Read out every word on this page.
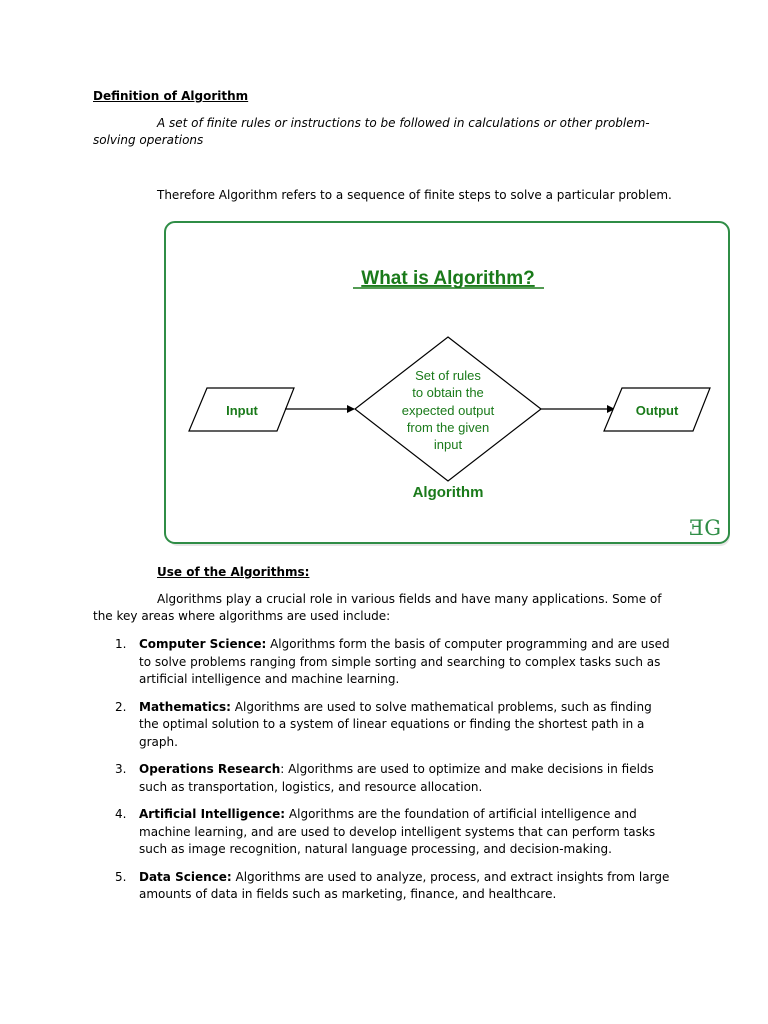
Definition of Algorithm
A set of finite rules or instructions to be followed in calculations or other problem-solving operations
Therefore Algorithm refers to a sequence of finite steps to solve a particular problem.
What is Algorithm?
Input
Set of rules
to obtain the
expected output
from the given
input
Output
Algorithm
ƎG
Use of the Algorithms:
Algorithms play a crucial role in various fields and have many applications. Some of the key areas where algorithms are used include:
1. Computer Science: Algorithms form the basis of computer programming and are used to solve problems ranging from simple sorting and searching to complex tasks such as artificial intelligence and machine learning.
2. Mathematics: Algorithms are used to solve mathematical problems, such as finding the optimal solution to a system of linear equations or finding the shortest path in a graph.
3. Operations Research: Algorithms are used to optimize and make decisions in fields such as transportation, logistics, and resource allocation.
4. Artificial Intelligence: Algorithms are the foundation of artificial intelligence and machine learning, and are used to develop intelligent systems that can perform tasks such as image recognition, natural language processing, and decision-making.
5. Data Science: Algorithms are used to analyze, process, and extract insights from large amounts of data in fields such as marketing, finance, and healthcare.
